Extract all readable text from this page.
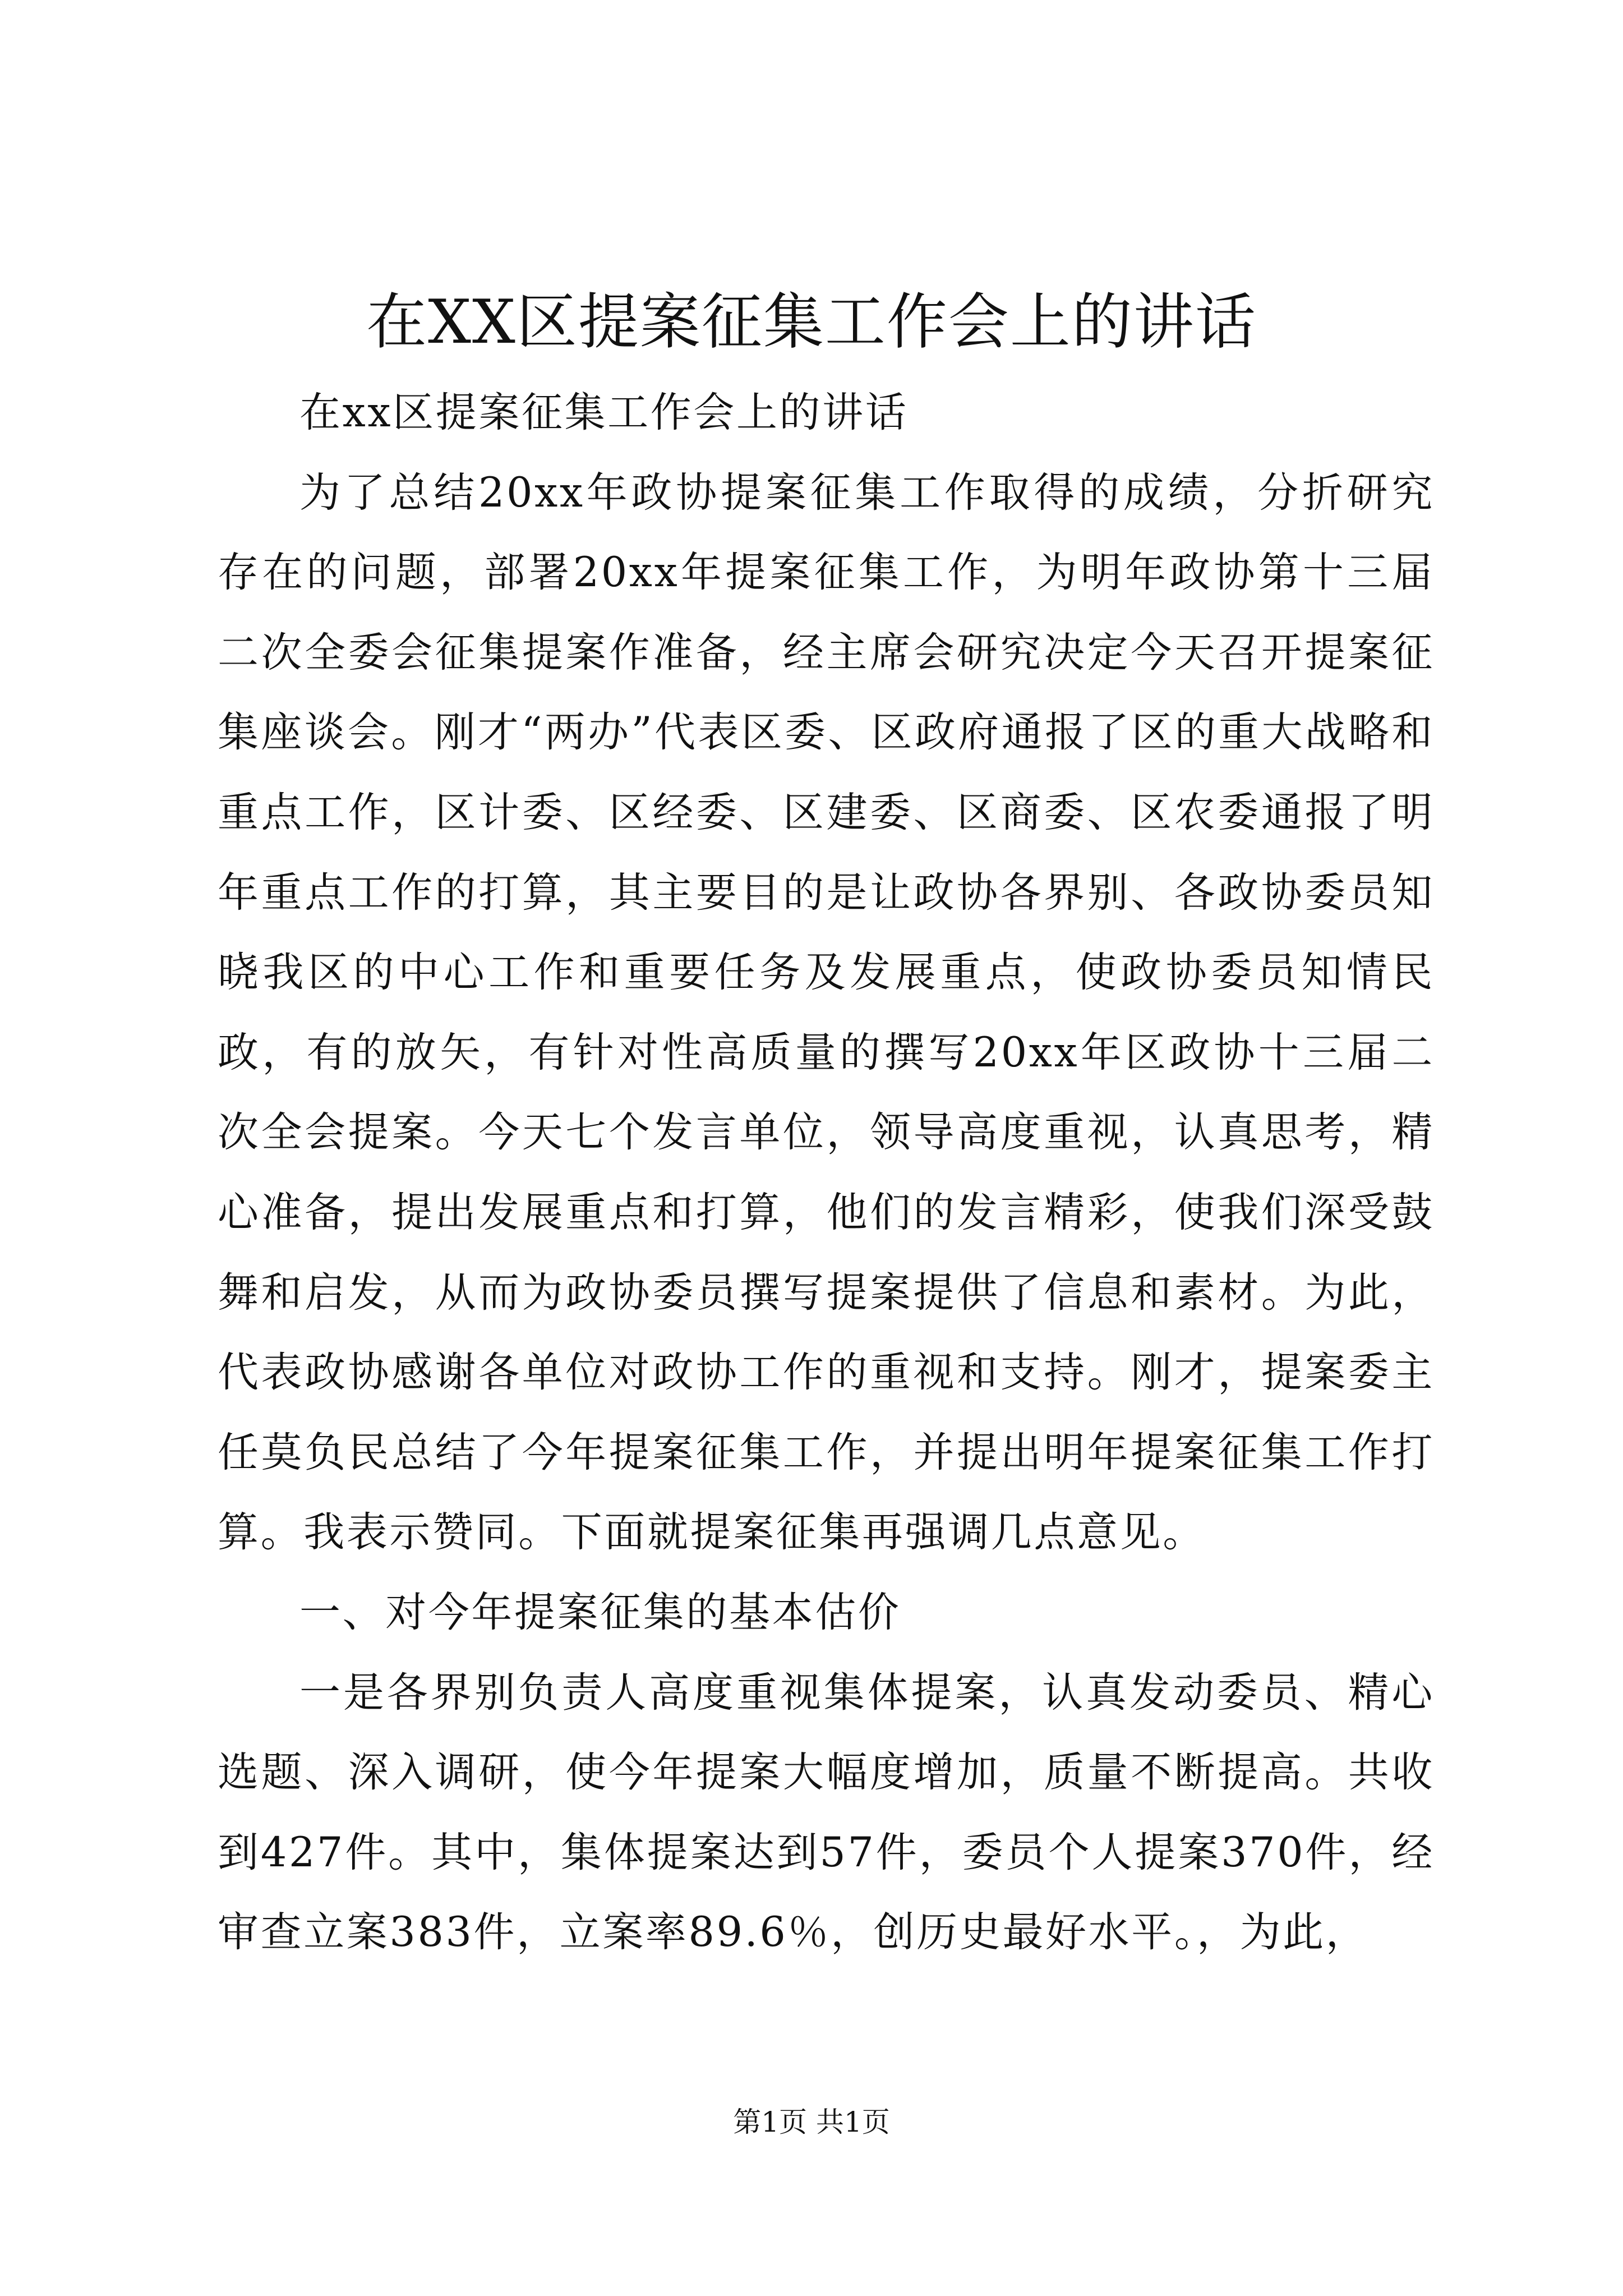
在XX区提案征集工作会上的讲话

在xx区提案征集工作会上的讲话

为了总结20xx年政协提案征集工作取得的成绩，分折研究存在的问题，部署20xx年提案征集工作，为明年政协第十三届二次全委会征集提案作准备，经主席会研究决定今天召开提案征集座谈会。刚才“两办”代表区委、区政府通报了区的重大战略和重点工作，区计委、区经委、区建委、区商委、区农委通报了明年重点工作的打算，其主要目的是让政协各界别、各政协委员知晓我区的中心工作和重要任务及发展重点，使政协委员知情民政，有的放矢，有针对性高质量的撰写20xx年区政协十三届二次全会提案。今天七个发言单位，领导高度重视，认真思考，精心准备，提出发展重点和打算，他们的发言精彩，使我们深受鼓舞和启发，从而为政协委员撰写提案提供了信息和素材。为此，代表政协感谢各单位对政协工作的重视和支持。刚才，提案委主任莫负民总结了今年提案征集工作，并提出明年提案征集工作打算。我表示赞同。下面就提案征集再强调几点意见。

一、对今年提案征集的基本估价

一是各界别负责人高度重视集体提案，认真发动委员、精心选题、深入调研，使今年提案大幅度增加，质量不断提高。共收到427件。其中，集体提案达到57件，委员个人提案370件，经审查立案383件，立案率89.6％，创历史最好水平。，为此，

第1页 共1页
